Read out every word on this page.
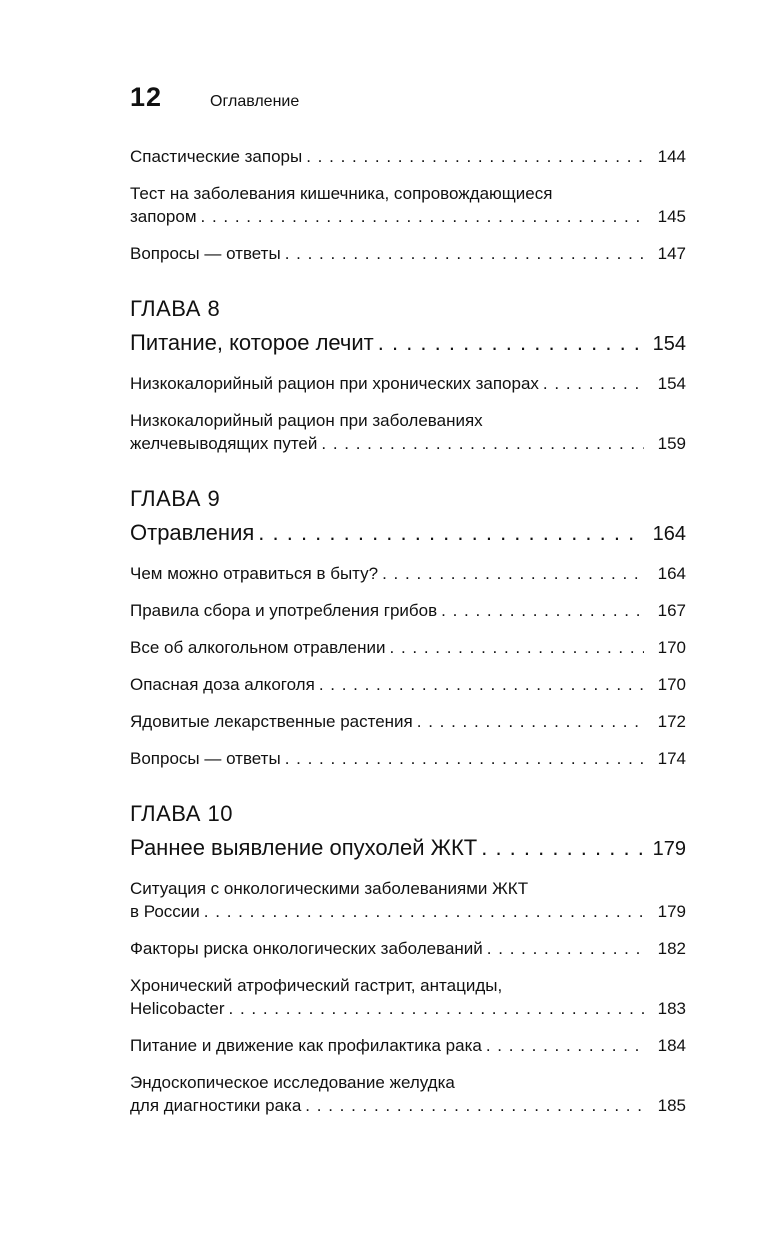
12	Оглавление
Спастические запоры . . .	144
Тест на заболевания кишечника, сопровождающиеся
запором . . .	145
Вопросы — ответы . . .	147
ГЛАВА 8
Питание, которое лечит . . .	154
Низкокалорийный рацион при хронических запорах . . .	154
Низкокалорийный рацион при заболеваниях
желчевыводящих путей . . .	159
ГЛАВА 9
Отравления . . .	164
Чем можно отравиться в быту? . . .	164
Правила сбора и употребления грибов . . .	167
Все об алкогольном отравлении . . .	170
Опасная доза алкоголя . . .	170
Ядовитые лекарственные растения . . .	172
Вопросы — ответы . . .	174
ГЛАВА 10
Раннее выявление опухолей ЖКТ . . .	179
Ситуация с онкологическими заболеваниями ЖКТ
в России . . .	179
Факторы риска онкологических заболеваний . . .	182
Хронический атрофический гастрит, антациды,
Helicobacter . . .	183
Питание и движение как профилактика рака . . .	184
Эндоскопическое исследование желудка
для диагностики рака . . .	185
